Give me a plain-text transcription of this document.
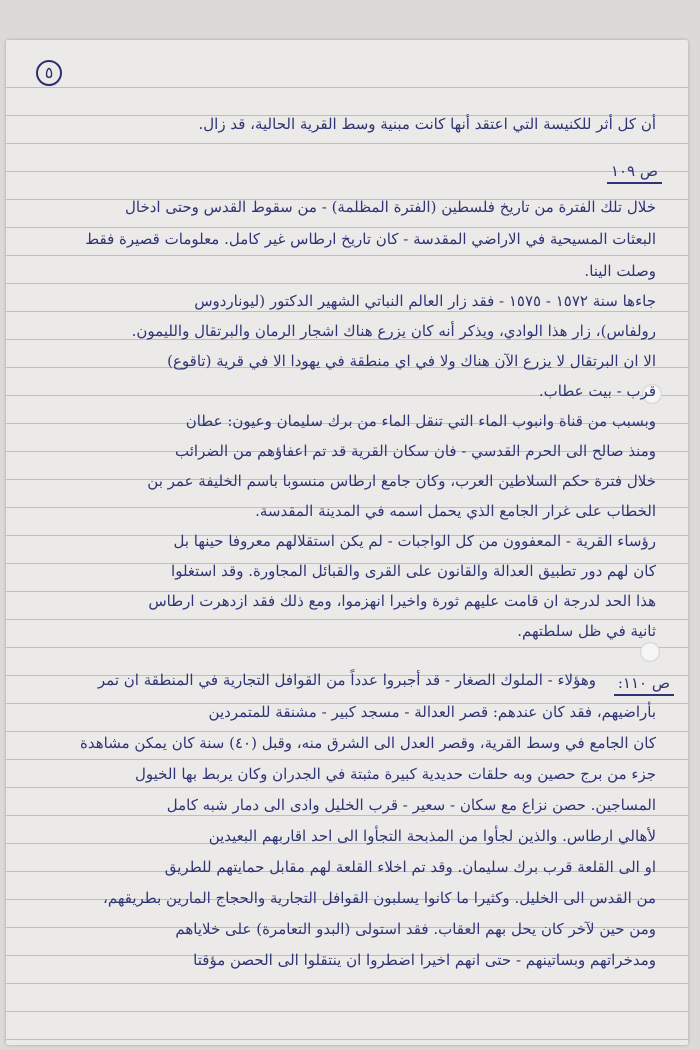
٥
أن كل أثر للكنيسة التي اعتقد أنها كانت مبنية وسط القرية الحالية، قد زال.
ص ١٠٩
خلال تلك الفترة من تاريخ فلسطين (الفترة المظلمة) - من سقوط القدس وحتى ادخال
البعثات المسيحية في الاراضي المقدسة - كان تاريخ ارطاس غير كامل. معلومات قصيرة فقط
وصلت الينا.
جاءها سنة ١٥٧٢ - ١٥٧٥ - فقد زار العالم النباتي الشهير الدكتور (ليوناردوس
رولفاس)، زار هذا الوادي، ويذكر أنه كان يزرع هناك اشجار الرمان والبرتقال والليمون.
الا ان البرتقال لا يزرع الآن هناك ولا في اي منطقة في يهودا الا في قرية (تاقوع)
قرب - بيت عطاب.
وبسبب من قناة وانبوب الماء التي تنقل الماء من برك سليمان وعيون: عطان
ومنذ صالح الى الحرم القدسي - فان سكان القرية قد تم اعفاؤهم من الضرائب
خلال فترة حكم السلاطين العرب، وكان جامع ارطاس منسوبا باسم الخليفة عمر بن
الخطاب على غرار الجامع الذي يحمل اسمه في المدينة المقدسة.
رؤساء القرية - المعفوون من كل الواجبات - لم يكن استقلالهم معروفا حينها بل
كان لهم دور تطبيق العدالة والقانون على القرى والقبائل المجاورة. وقد استغلوا
هذا الحد لدرجة ان قامت عليهم ثورة واخيرا انهزموا، ومع ذلك فقد ازدهرت ارطاس
ثانية في ظل سلطتهم.
ص ١١٠:
وهؤلاء - الملوك الصغار - قد أجبروا عدداً من القوافل التجارية في المنطقة ان تمر
بأراضيهم، فقد كان عندهم: قصر العدالة - مسجد كبير - مشنقة للمتمردين
كان الجامع في وسط القرية، وقصر العدل الى الشرق منه، وقبل (٤٠) سنة كان يمكن مشاهدة
جزء من برج حصين وبه حلقات حديدية كبيرة مثبتة في الجدران وكان يربط بها الخيول
المساجين. حصن نزاع مع سكان - سعير - قرب الخليل وادى الى دمار شبه كامل
لأهالي ارطاس. والذين لجأوا من المذبحة التجأوا الى احد اقاربهم البعيدين
او الى القلعة قرب برك سليمان. وقد تم اخلاء القلعة لهم مقابل حمايتهم للطريق
من القدس الى الخليل. وكثيرا ما كانوا يسلبون القوافل التجارية والحجاج المارين بطريقهم،
ومن حين لآخر كان يحل بهم العقاب. فقد استولى (البدو التعامرة) على خلاياهم
ومدخراتهم وبساتينهم - حتى انهم اخيرا اضطروا ان ينتقلوا الى الحصن مؤقتا
